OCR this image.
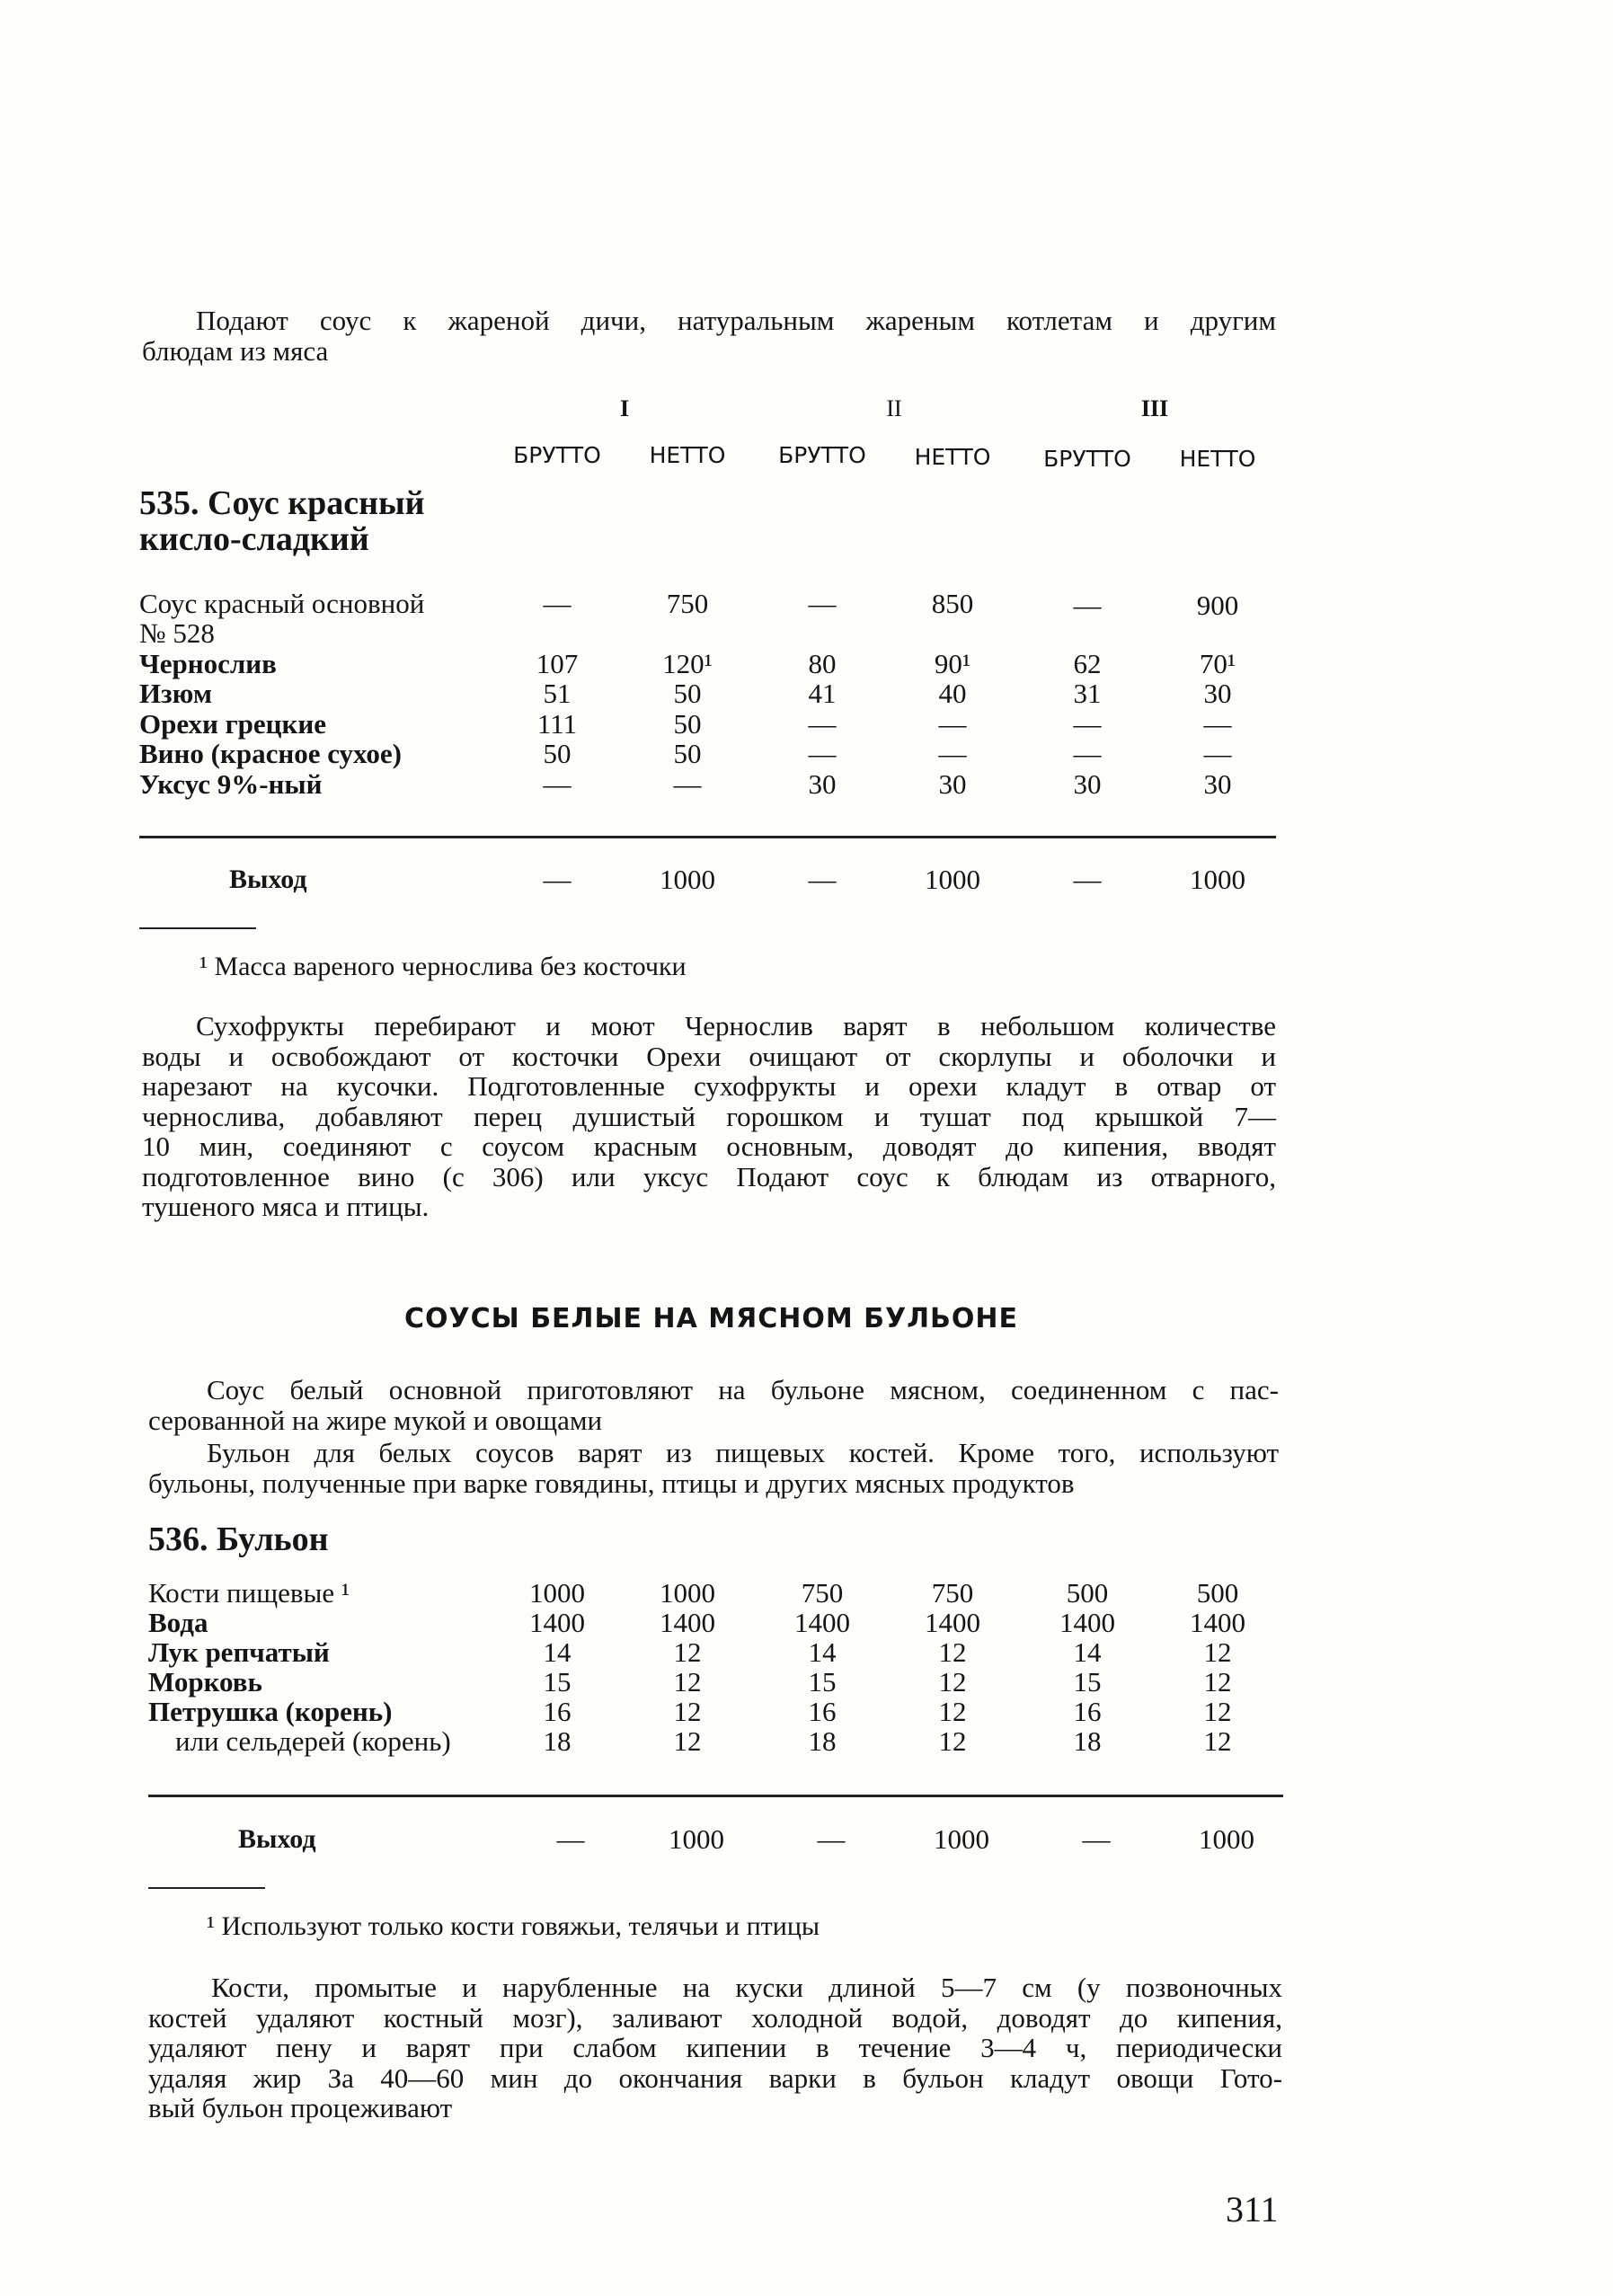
Подают соус к жареной дичи, натуральным жареным котлетам и другим
блюдам из мяса
I	II	III
БРУТТО	НЕТТО	БРУТТО	НЕТТО	БРУТТО	НЕТТО
535. Соус красный
кисло-сладкий
Соус красный основной
№ 528
—	750	—	850	—	900
Чернослив	107	120¹	80	90¹	62	70¹
Изюм	51	50	41	40	31	30
Орехи грецкие	111	50	—	—	—	—
Вино (красное сухое)	50	50	—	—	—	—
Уксус 9%-ный	—	—	30	30	30	30
Выход	—	1000	—	1000	—	1000
¹ Масса вареного чернослива без косточки
Сухофрукты перебирают и моют Чернослив варят в небольшом количестве
воды и освобождают от косточки Орехи очищают от скорлупы и оболочки и
нарезают на кусочки. Подготовленные сухофрукты и орехи кладут в отвар от
чернослива, добавляют перец душистый горошком и тушат под крышкой 7—
10 мин, соединяют с соусом красным основным, доводят до кипения, вводят
подготовленное вино (с 306) или уксус Подают соус к блюдам из отварного,
тушеного мяса и птицы.
СОУСЫ БЕЛЫЕ НА МЯСНОМ БУЛЬОНЕ
Соус белый основной приготовляют на бульоне мясном, соединенном с пас-
серованной на жире мукой и овощами
Бульон для белых соусов варят из пищевых костей. Кроме того, используют
бульоны, полученные при варке говядины, птицы и других мясных продуктов
536. Бульон
Кости пищевые ¹	1000	1000	750	750	500	500
Вода	1400	1400	1400	1400	1400	1400
Лук репчатый	14	12	14	12	14	12
Морковь	15	12	15	12	15	12
Петрушка (корень)	16	12	16	12	16	12
или сельдерей (корень)	18	12	18	12	18	12
Выход	—	1000	—	1000	—	1000
¹ Используют только кости говяжьи, телячьи и птицы
Кости, промытые и нарубленные на куски длиной 5—7 см (у позвоночных
костей удаляют костный мозг), заливают холодной водой, доводят до кипения,
удаляют пену и варят при слабом кипении в течение 3—4 ч, периодически
удаляя жир За 40—60 мин до окончания варки в бульон кладут овощи Гото-
вый бульон процеживают
311
